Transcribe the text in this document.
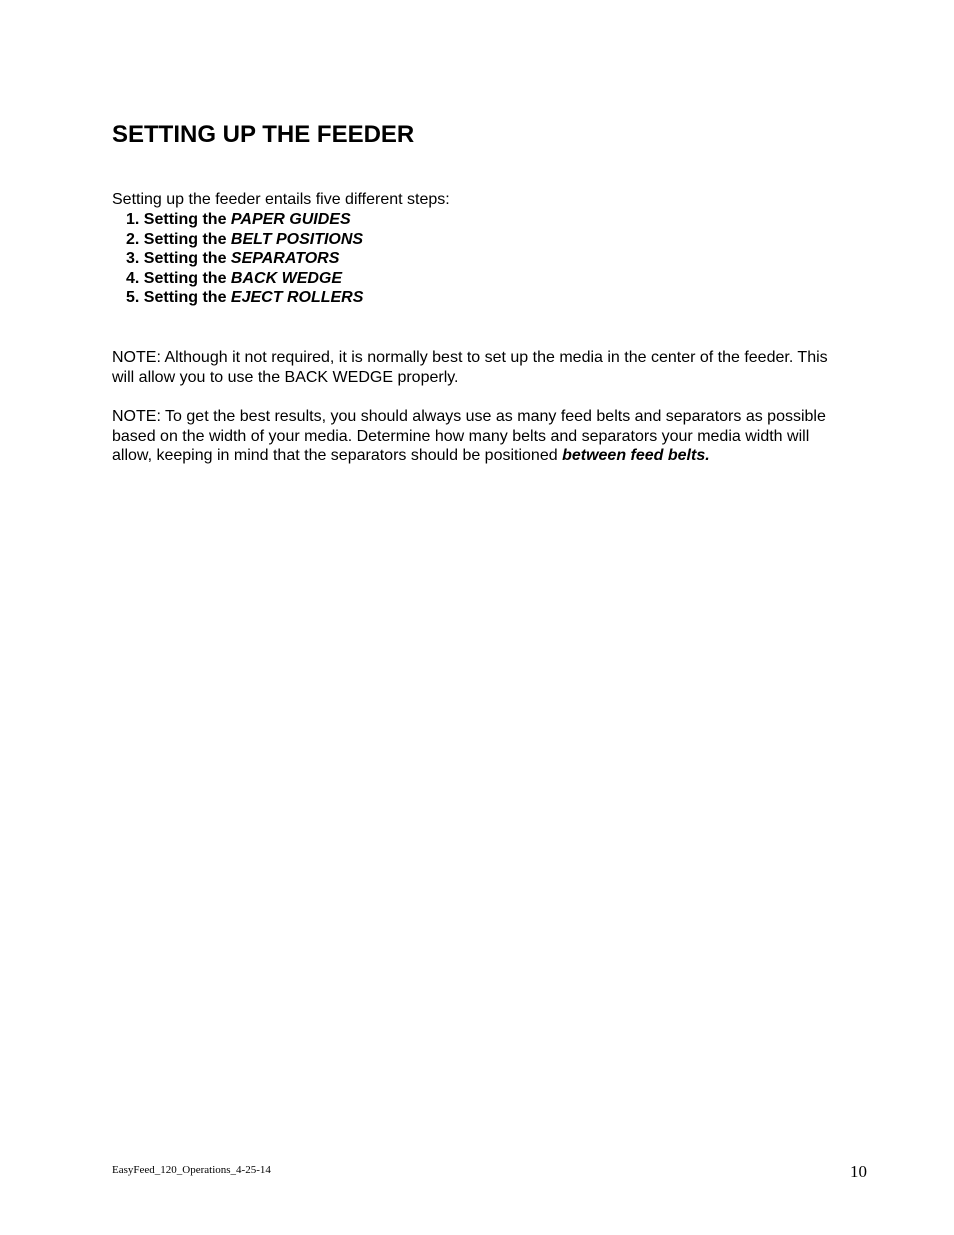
SETTING UP THE FEEDER

Setting up the feeder entails five different steps:

1. Setting the PAPER GUIDES
2. Setting the BELT POSITIONS
3. Setting the SEPARATORS
4. Setting the BACK WEDGE
5. Setting the EJECT ROLLERS

NOTE: Although it not required, it is normally best to set up the media in the center of the feeder. This will allow you to use the BACK WEDGE properly.

NOTE: To get the best results, you should always use as many feed belts and separators as possible based on the width of your media. Determine how many belts and separators your media width will allow, keeping in mind that the separators should be positioned between feed belts.

EasyFeed_120_Operations_4-25-14	10
